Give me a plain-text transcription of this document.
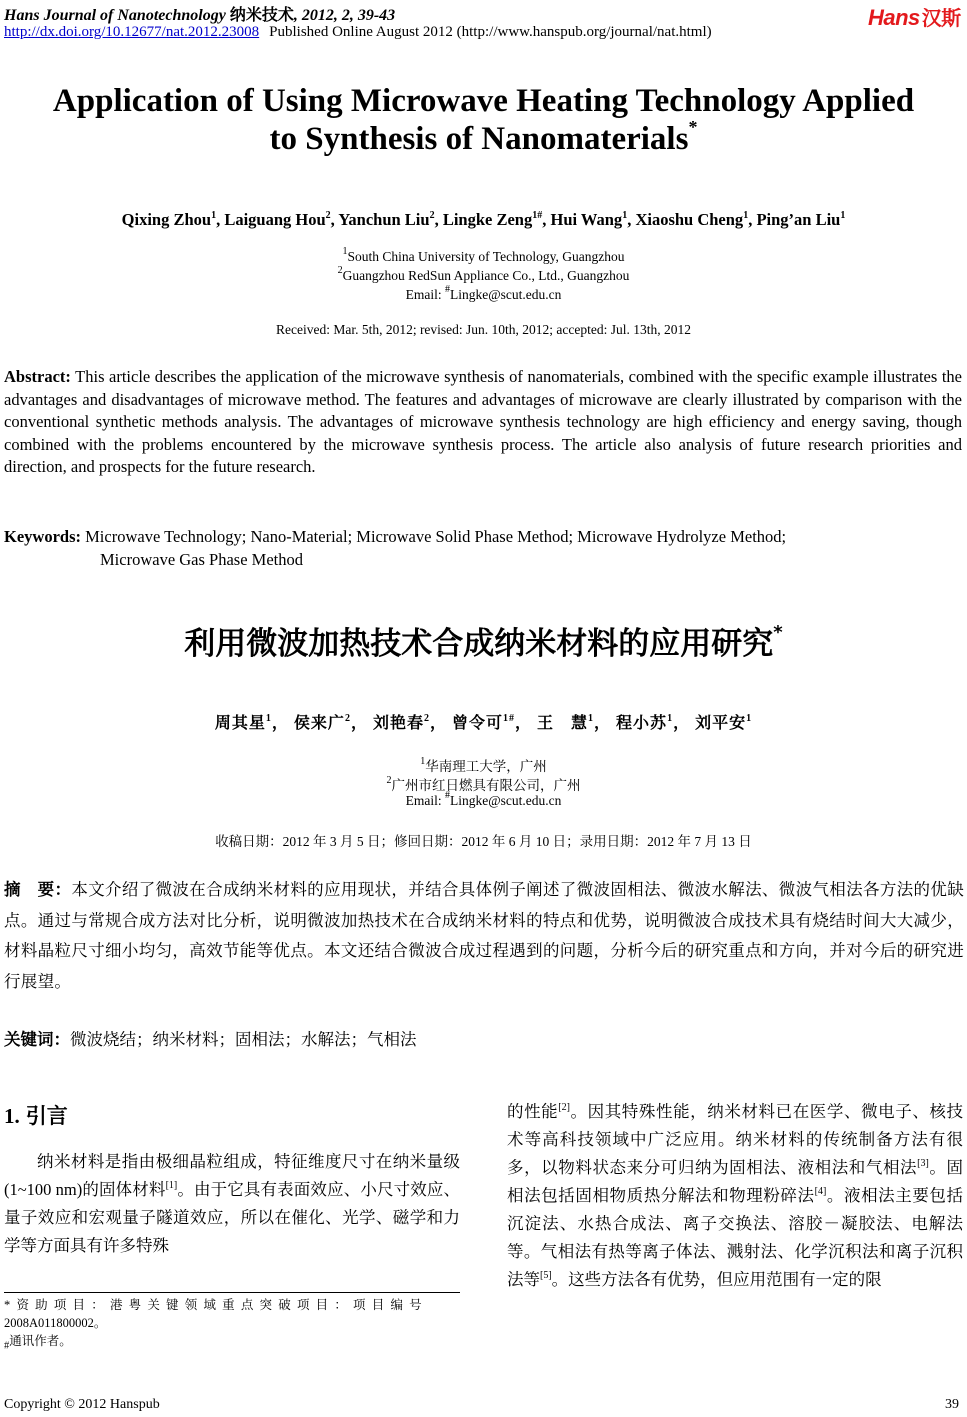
Hans Journal of Nanotechnology 纳米技术, 2012, 2, 39-43
http://dx.doi.org/10.12677/nat.2012.23008 Published Online August 2012 (http://www.hanspub.org/journal/nat.html)
Hans 汉斯
Application of Using Microwave Heating Technology Applied
to Synthesis of Nanomaterials*
Qixing Zhou$^1$, Laiguang Hou$^2$, Yanchun Liu$^2$, Lingke Zeng$^{1\#}$, Hui Wang$^1$, Xiaoshu Cheng$^1$, Ping’an Liu$^1$
$^1$South China University of Technology, Guangzhou
$^2$Guangzhou RedSun Appliance Co., Ltd., Guangzhou
Email: #Lingke@scut.edu.cn
Received: Mar. 5th, 2012; revised: Jun. 10th, 2012; accepted: Jul. 13th, 2012
Abstract: This article describes the application of the microwave synthesis of nanomaterials, combined with the specific example illustrates the advantages and disadvantages of microwave method. The features and advantages of microwave are clearly illustrated by comparison with the conventional synthetic methods analysis. The advantages of microwave synthesis technology are high efficiency and energy saving, though combined with the problems encountered by the microwave synthesis process. The article also analysis of future research priorities and direction, and prospects for the future research.
Keywords: Microwave Technology; Nano-Material; Microwave Solid Phase Method; Microwave Hydrolyze Method;
Microwave Gas Phase Method
利用微波加热技术合成纳米材料的应用研究*
周其星$^1$， 侯来广$^2$， 刘艳春$^2$， 曾令可$^{1\#}$， 王　慧$^1$， 程小苏$^1$， 刘平安$^1$
$^1$华南理工大学，广州
$^2$广州市红日燃具有限公司，广州
Email: #Lingke@scut.edu.cn
收稿日期：2012 年 3 月 5 日；修回日期：2012 年 6 月 10 日；录用日期：2012 年 7 月 13 日
摘　要：本文介绍了微波在合成纳米材料的应用现状，并结合具体例子阐述了微波固相法、微波水解法、微波气相法各方法的优缺点。通过与常规合成方法对比分析，说明微波加热技术在合成纳米材料的特点和优势，说明微波合成技术具有烧结时间大大减少，材料晶粒尺寸细小均匀，高效节能等优点。本文还结合微波合成过程遇到的问题，分析今后的研究重点和方向，并对今后的研究进行展望。
关键词：微波烧结；纳米材料；固相法；水解法；气相法
1. 引言

纳米材料是指由极细晶粒组成，特征维度尺寸在纳米量级(1~100 nm)的固体材料[1]。由于它具有表面效应、小尺寸效应、量子效应和宏观量子隧道效应，所以在催化、光学、磁学和力学等方面具有许多特殊

的性能[2]。因其特殊性能，纳米材料已在医学、微电子、核技术等高科技领域中广泛应用。纳米材料的传统制备方法有很多，以物料状态来分可归纳为固相法、液相法和气相法[3]。固相法包括固相物质热分解法和物理粉碎法[4]。液相法主要包括沉淀法、水热合成法、离子交换法、溶胶－凝胶法、电解法等。气相法有热等离子体法、溅射法、化学沉积法和离子沉积法等[5]。这些方法各有优势，但应用范围有一定的限

*资助项目：港粤关键领域重点突破项目：项目编号
2008A011800002。
$_{\#}$通讯作者。
Copyright © 2012 Hanspub	39
